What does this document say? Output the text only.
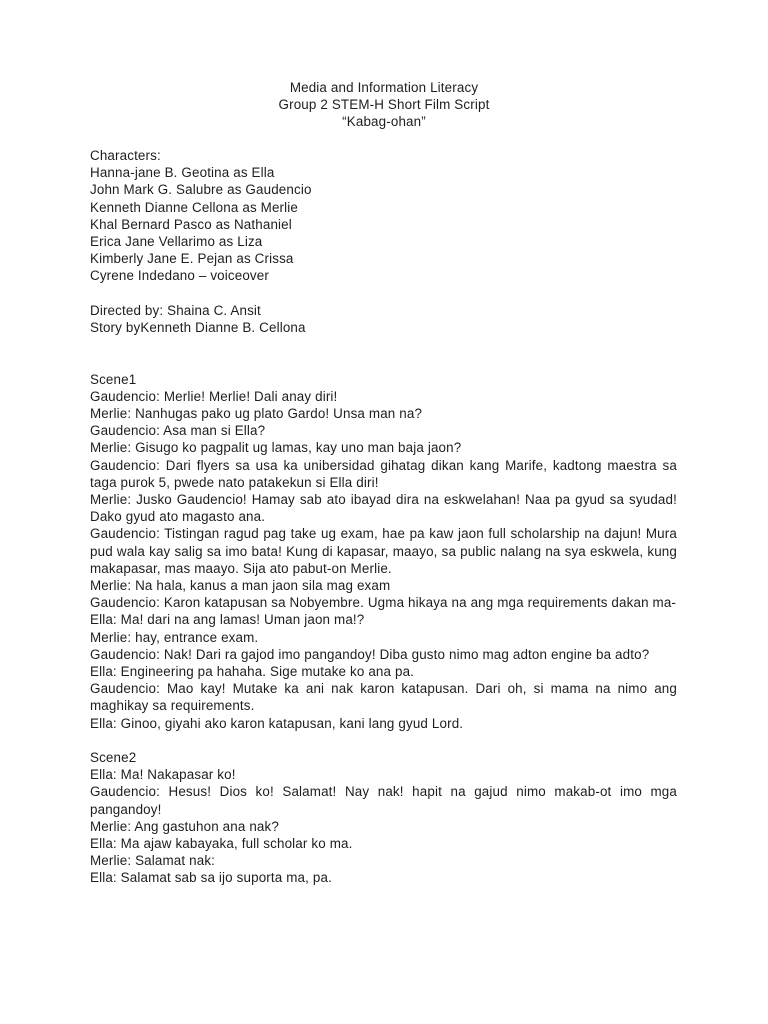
Media and Information Literacy
Group 2 STEM-H Short Film Script
“Kabag-ohan”
Characters:
Hanna-jane B. Geotina as Ella
John Mark G. Salubre as Gaudencio
Kenneth Dianne Cellona as Merlie
Khal Bernard Pasco as Nathaniel
Erica Jane Vellarimo as Liza
Kimberly Jane E. Pejan as Crissa
Cyrene Indedano – voiceover
Directed by: Shaina C. Ansit
Story byKenneth Dianne B. Cellona
Scene1
Gaudencio: Merlie! Merlie! Dali anay diri!
Merlie: Nanhugas pako ug plato Gardo! Unsa man na?
Gaudencio: Asa man si Ella?
Merlie: Gisugo ko pagpalit ug lamas, kay uno man baja jaon?
Gaudencio: Dari flyers sa usa ka unibersidad gihatag dikan kang Marife, kadtong maestra sa taga purok 5, pwede nato patakekun si Ella diri!
Merlie: Jusko Gaudencio! Hamay sab ato ibayad dira na eskwelahan! Naa pa gyud sa syudad! Dako gyud ato magasto ana.
Gaudencio: Tistingan ragud pag take ug exam, hae pa kaw jaon full scholarship na dajun! Mura pud wala kay salig sa imo bata! Kung di kapasar, maayo, sa public nalang na sya eskwela, kung makapasar, mas maayo. Sija ato pabut-on Merlie.
Merlie: Na hala, kanus a man jaon sila mag exam
Gaudencio: Karon katapusan sa Nobyembre. Ugma hikaya na ang mga requirements dakan ma-
Ella: Ma! dari na ang lamas! Uman jaon ma!?
Merlie: hay, entrance exam.
Gaudencio: Nak! Dari ra gajod imo pangandoy! Diba gusto nimo mag adton engine ba adto?
Ella: Engineering pa hahaha. Sige mutake ko ana pa.
Gaudencio: Mao kay! Mutake ka ani nak karon katapusan. Dari oh, si mama na nimo ang maghikay sa requirements.
Ella: Ginoo, giyahi ako karon katapusan, kani lang gyud Lord.
Scene2
Ella: Ma! Nakapasar ko!
Gaudencio: Hesus! Dios ko! Salamat! Nay nak! hapit na gajud nimo makab-ot imo mga pangandoy!
Merlie: Ang gastuhon ana nak?
Ella: Ma ajaw kabayaka, full scholar ko ma.
Merlie: Salamat nak:
Ella: Salamat sab sa ijo suporta ma, pa.
